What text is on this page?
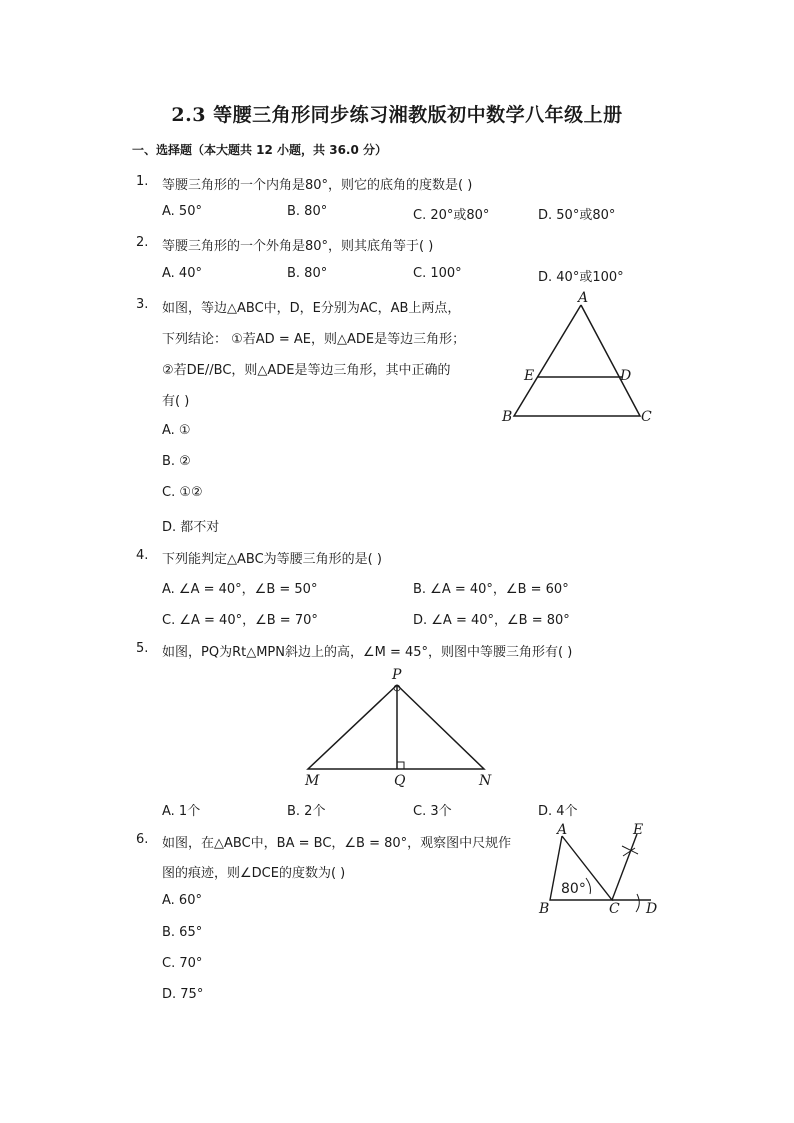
2.3 等腰三角形同步练习湘教版初中数学八年级上册
一、选择题（本大题共 12 小题，共 36.0 分）
1. 等腰三角形的一个内角是80°，则它的底角的度数是( )
A. 50°	B. 80°	C. 20°或80°	D. 50°或80°
2. 等腰三角形的一个外角是80°，则其底角等于( )
A. 40°	B. 80°	C. 100°	D. 40°或100°
3. 如图，等边△ABC中，D，E分别为AC，AB上两点，
下列结论： ①若AD = AE，则△ADE是等边三角形；
②若DE//BC，则△ADE是等边三角形，其中正确的
有( )
A. ①
B. ②
C. ①②
D. 都不对
A
E	D
B	C
4. 下列能判定△ABC为等腰三角形的是( )
A. ∠A = 40°，∠B = 50°	B. ∠A = 40°，∠B = 60°
C. ∠A = 40°，∠B = 70°	D. ∠A = 40°，∠B = 80°
5. 如图，PQ为Rt△MPN斜边上的高，∠M = 45°，则图中等腰三角形有( )
P
M	Q	N
A. 1个	B. 2个	C. 3个	D. 4个
6. 如图，在△ABC中，BA = BC，∠B = 80°，观察图中尺规作
图的痕迹，则∠DCE的度数为( )
A. 60°
B. 65°
C. 70°
D. 75°
A	E
80°
B	C D
